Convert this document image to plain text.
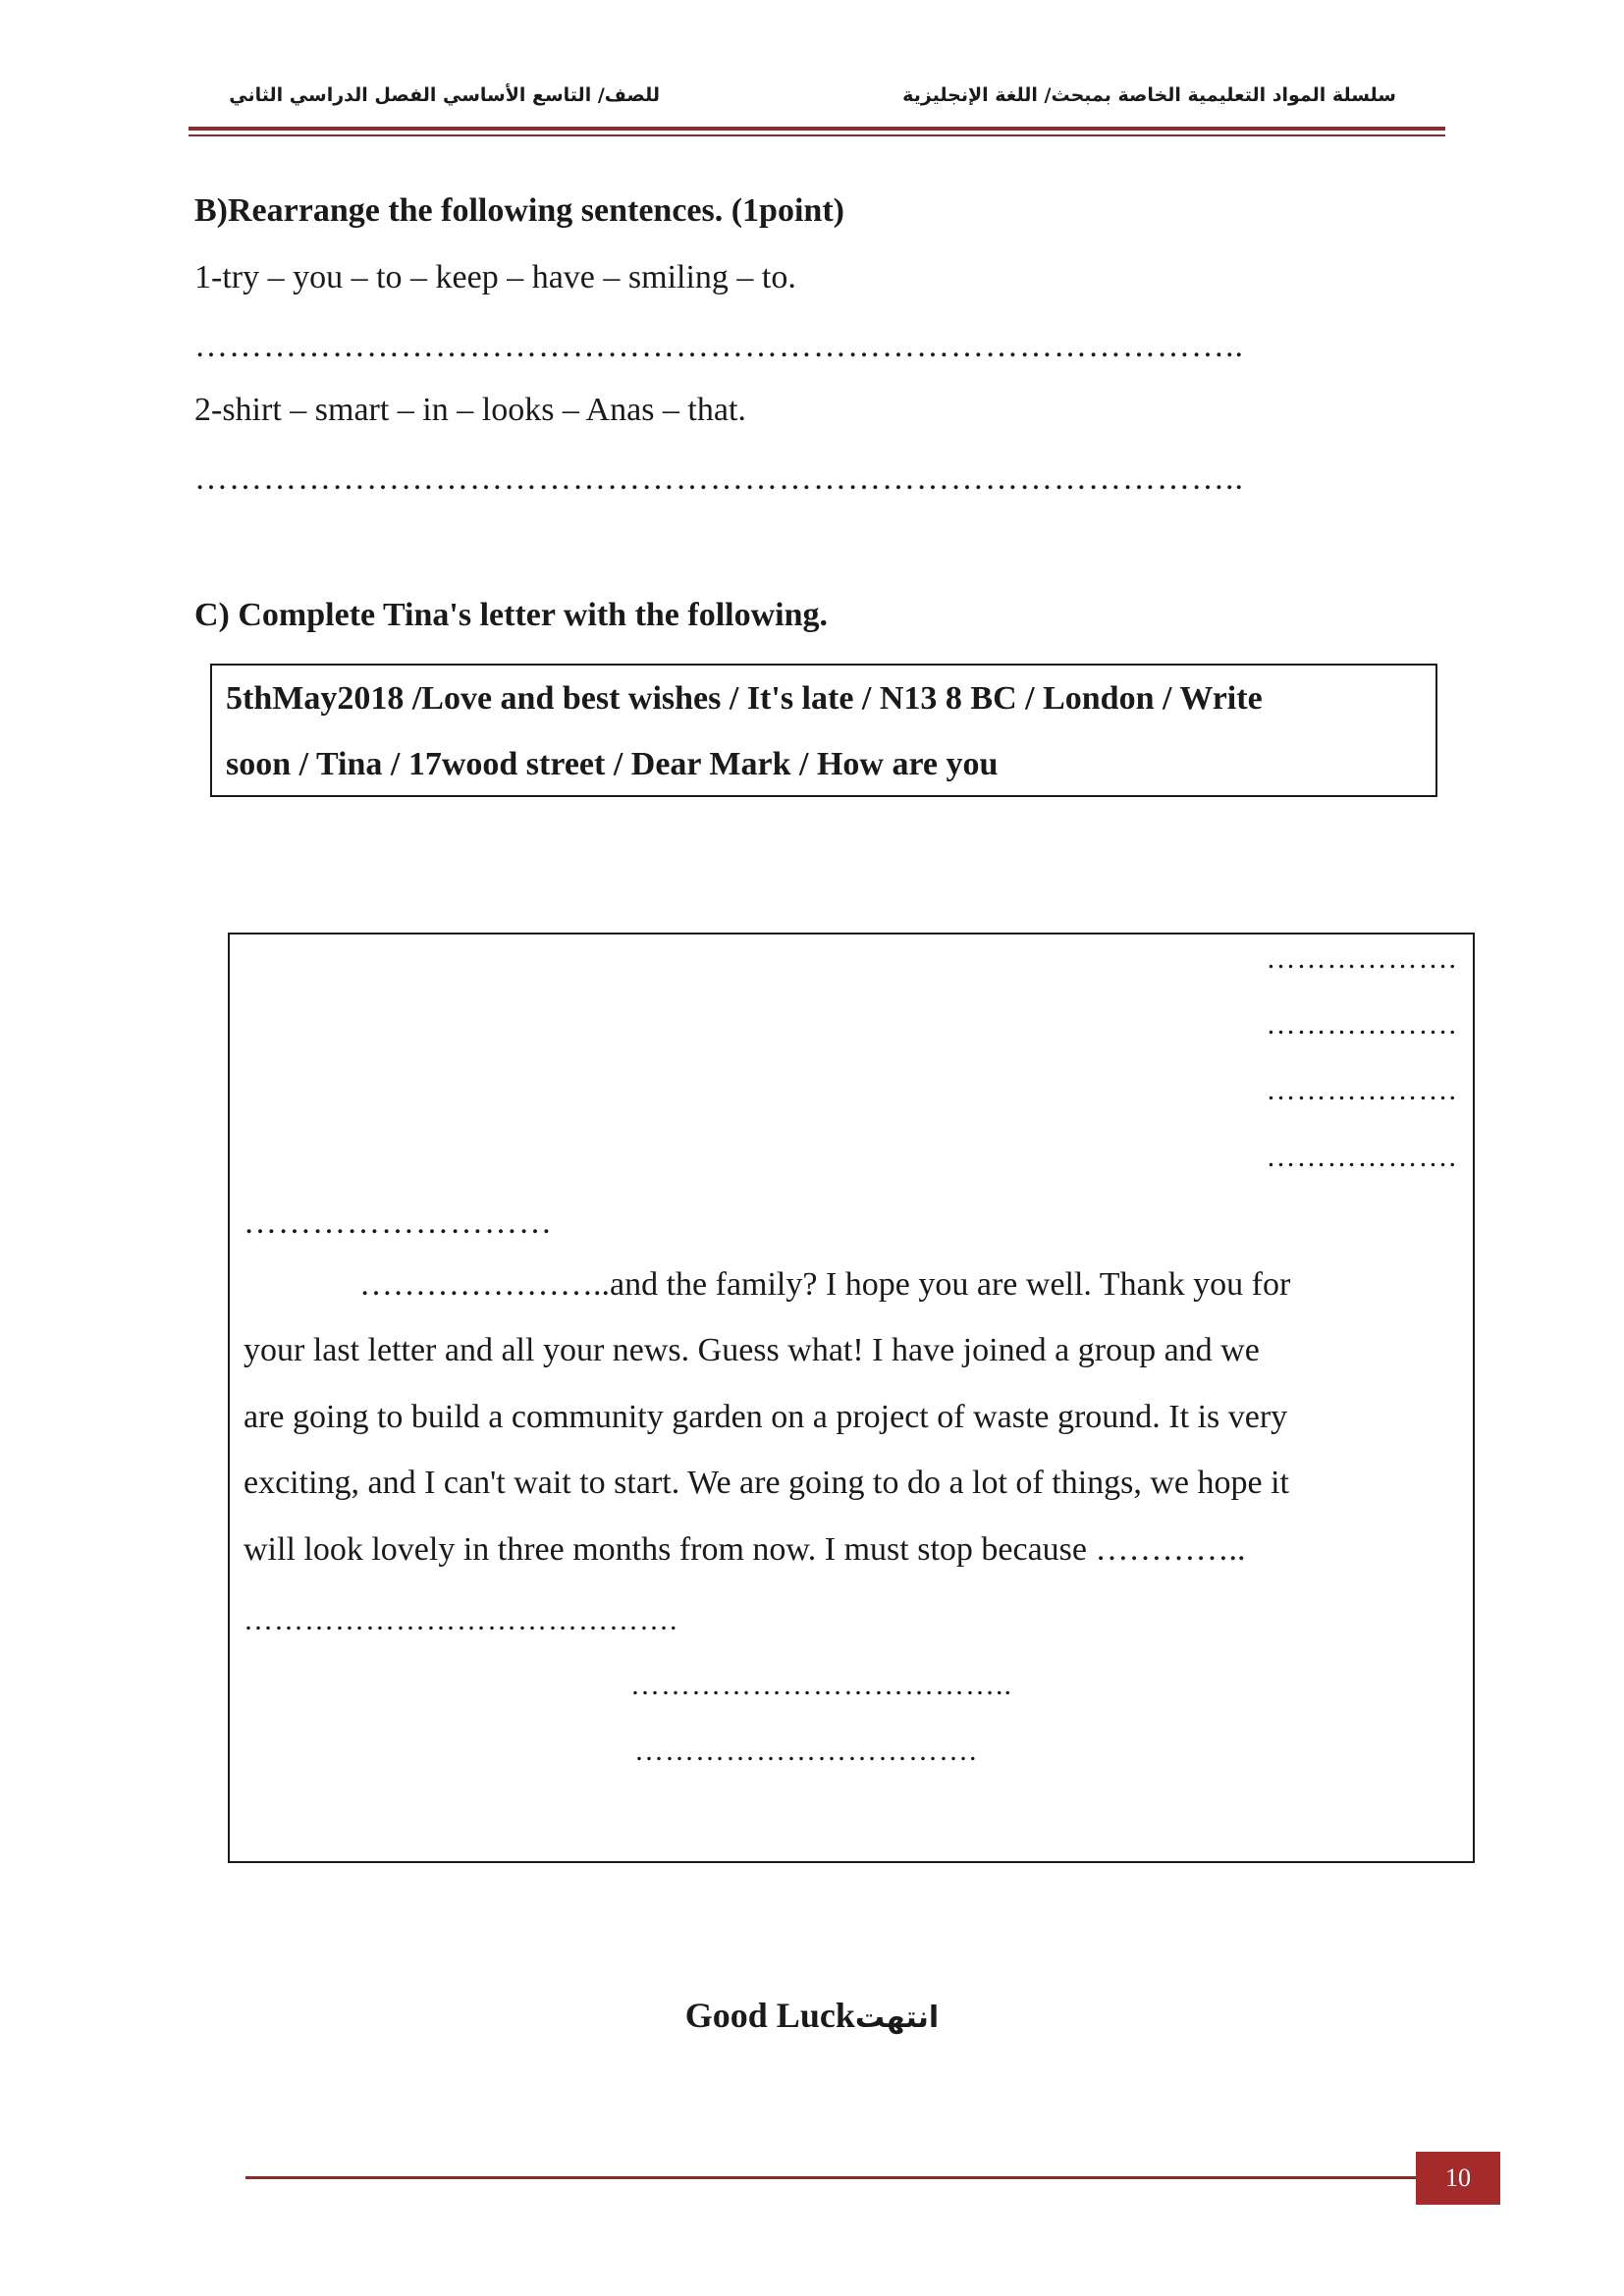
سلسلة المواد التعليمية الخاصة بمبحث/ اللغة الإنجليزية
للصف/ التاسع الأساسي الفصل الدراسي الثاني
B)Rearrange the following sentences. (1point)
1-try – you – to – keep – have – smiling – to.
………………………………………………………………………………..
2-shirt – smart – in – looks – Anas – that.
………………………………………………………………………………..
C) Complete Tina's letter with the following.
5thMay2018 /Love and best wishes / It's late / N13 8 BC / London / Write
soon / Tina / 17wood street / Dear Mark / How are you
……………….
……………….
……………….
……………….
………………………
…………………..and the family? I hope you are well. Thank you for
your last letter and all your news. Guess what! I have joined a group and we
are going to build a community garden on a project of waste ground. It is very
exciting, and I can't wait to start. We are going to do a lot of things, we hope it
will look lovely in three months from now. I must stop because …………..
…………………………………….
………………………………..
…………………………….
Good Luckانتهت
10
